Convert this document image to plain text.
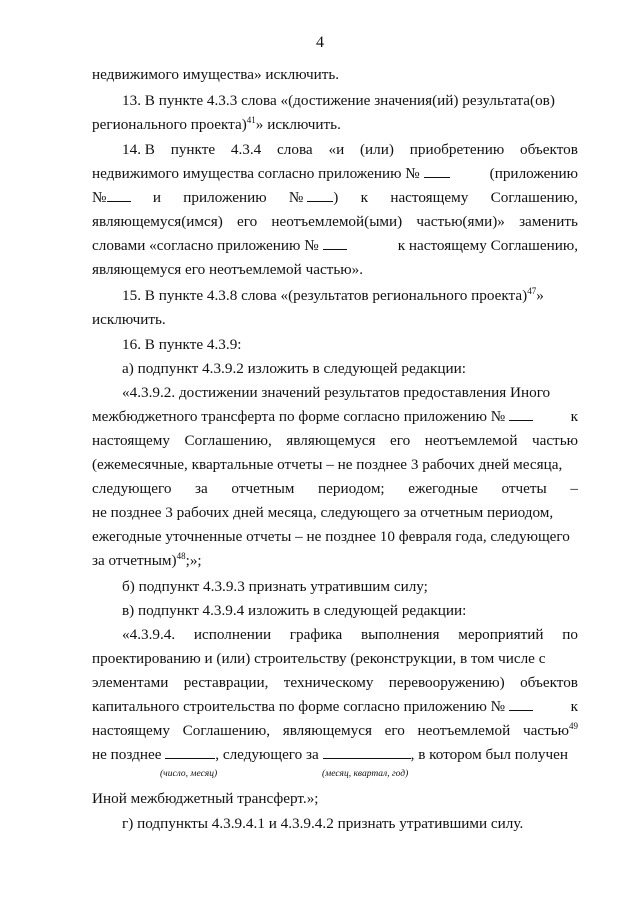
4
недвижимого имущества» исключить.
13. В пункте 4.3.3 слова «(достижение значения(ий) результата(ов)
регионального проекта)$^{41}$» исключить.
14. В пункте 4.3.4 слова «и (или) приобретению объектов
недвижимого имущества согласно приложению №	(приложению
№	и приложению № ) к настоящему Соглашению,
являющемуся(имся) его неотъемлемой(ыми) частью(ями)» заменить
словами «согласно приложению №	к настоящему Соглашению,
являющемуся его неотъемлемой частью».
15. В пункте 4.3.8 слова «(результатов регионального проекта)$^{47}$»
исключить.
16. В пункте 4.3.9:
а) подпункт 4.3.9.2 изложить в следующей редакции:
«4.3.9.2. достижении значений результатов предоставления Иного
межбюджетного трансферта по форме согласно приложению №	к
настоящему Соглашению, являющемуся его неотъемлемой частью
(ежемесячные, квартальные отчеты – не позднее 3 рабочих дней месяца,
следующего за отчетным периодом; ежегодные отчеты –
не позднее 3 рабочих дней месяца, следующего за отчетным периодом,
ежегодные уточненные отчеты – не позднее 10 февраля года, следующего
за отчетным)$^{48}$;»;
б) подпункт 4.3.9.3 признать утратившим силу;
в) подпункт 4.3.9.4 изложить в следующей редакции:
«4.3.9.4. исполнении графика выполнения мероприятий по
проектированию и (или) строительству (реконструкции, в том числе с
элементами реставрации, техническому перевооружению) объектов
капитального строительства по форме согласно приложению №	к
настоящему Соглашению, являющемуся его неотъемлемой частью$^{49}$
не позднее	, следующего за	, в котором был получен
(число, месяц)	(месяц, квартал, год)
Иной межбюджетный трансферт.»;
г) подпункты 4.3.9.4.1 и 4.3.9.4.2 признать утратившими силу.
